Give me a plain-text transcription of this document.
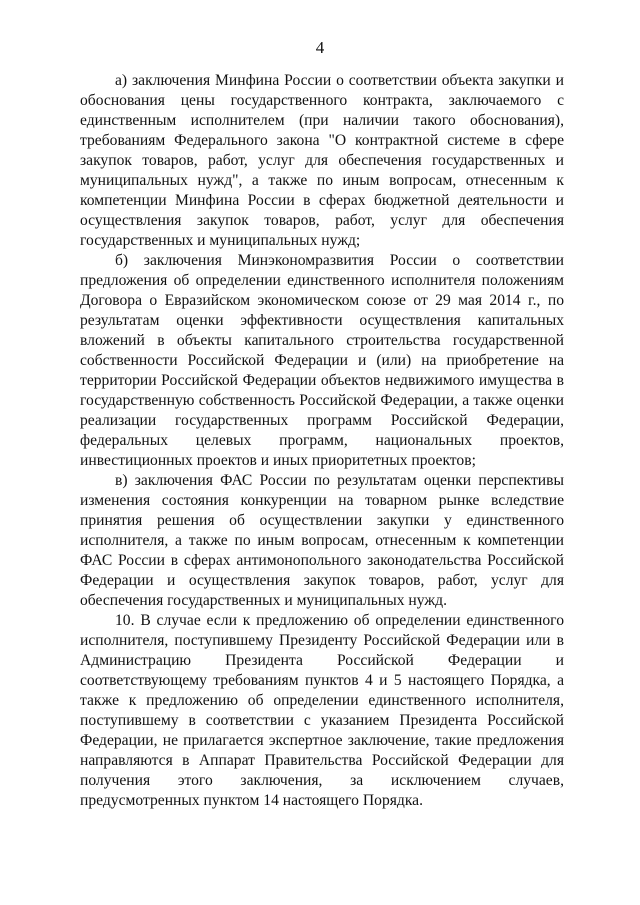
4

а) заключения Минфина России о соответствии объекта закупки и обоснования цены государственного контракта, заключаемого с единственным исполнителем (при наличии такого обоснования), требованиям Федерального закона "О контрактной системе в сфере закупок товаров, работ, услуг для обеспечения государственных и муниципальных нужд", а также по иным вопросам, отнесенным к компетенции Минфина России в сферах бюджетной деятельности и осуществления закупок товаров, работ, услуг для обеспечения государственных и муниципальных нужд;

б) заключения Минэкономразвития России о соответствии предложения об определении единственного исполнителя положениям Договора о Евразийском экономическом союзе от 29 мая 2014 г., по результатам оценки эффективности осуществления капитальных вложений в объекты капитального строительства государственной собственности Российской Федерации и (или) на приобретение на территории Российской Федерации объектов недвижимого имущества в государственную собственность Российской Федерации, а также оценки реализации государственных программ Российской Федерации, федеральных целевых программ, национальных проектов, инвестиционных проектов и иных приоритетных проектов;

в) заключения ФАС России по результатам оценки перспективы изменения состояния конкуренции на товарном рынке вследствие принятия решения об осуществлении закупки у единственного исполнителя, а также по иным вопросам, отнесенным к компетенции ФАС России в сферах антимонопольного законодательства Российской Федерации и осуществления закупок товаров, работ, услуг для обеспечения государственных и муниципальных нужд.

10. В случае если к предложению об определении единственного исполнителя, поступившему Президенту Российской Федерации или в Администрацию Президента Российской Федерации и соответствующему требованиям пунктов 4 и 5 настоящего Порядка, а также к предложению об определении единственного исполнителя, поступившему в соответствии с указанием Президента Российской Федерации, не прилагается экспертное заключение, такие предложения направляются в Аппарат Правительства Российской Федерации для получения этого заключения, за исключением случаев, предусмотренных пунктом 14 настоящего Порядка.
